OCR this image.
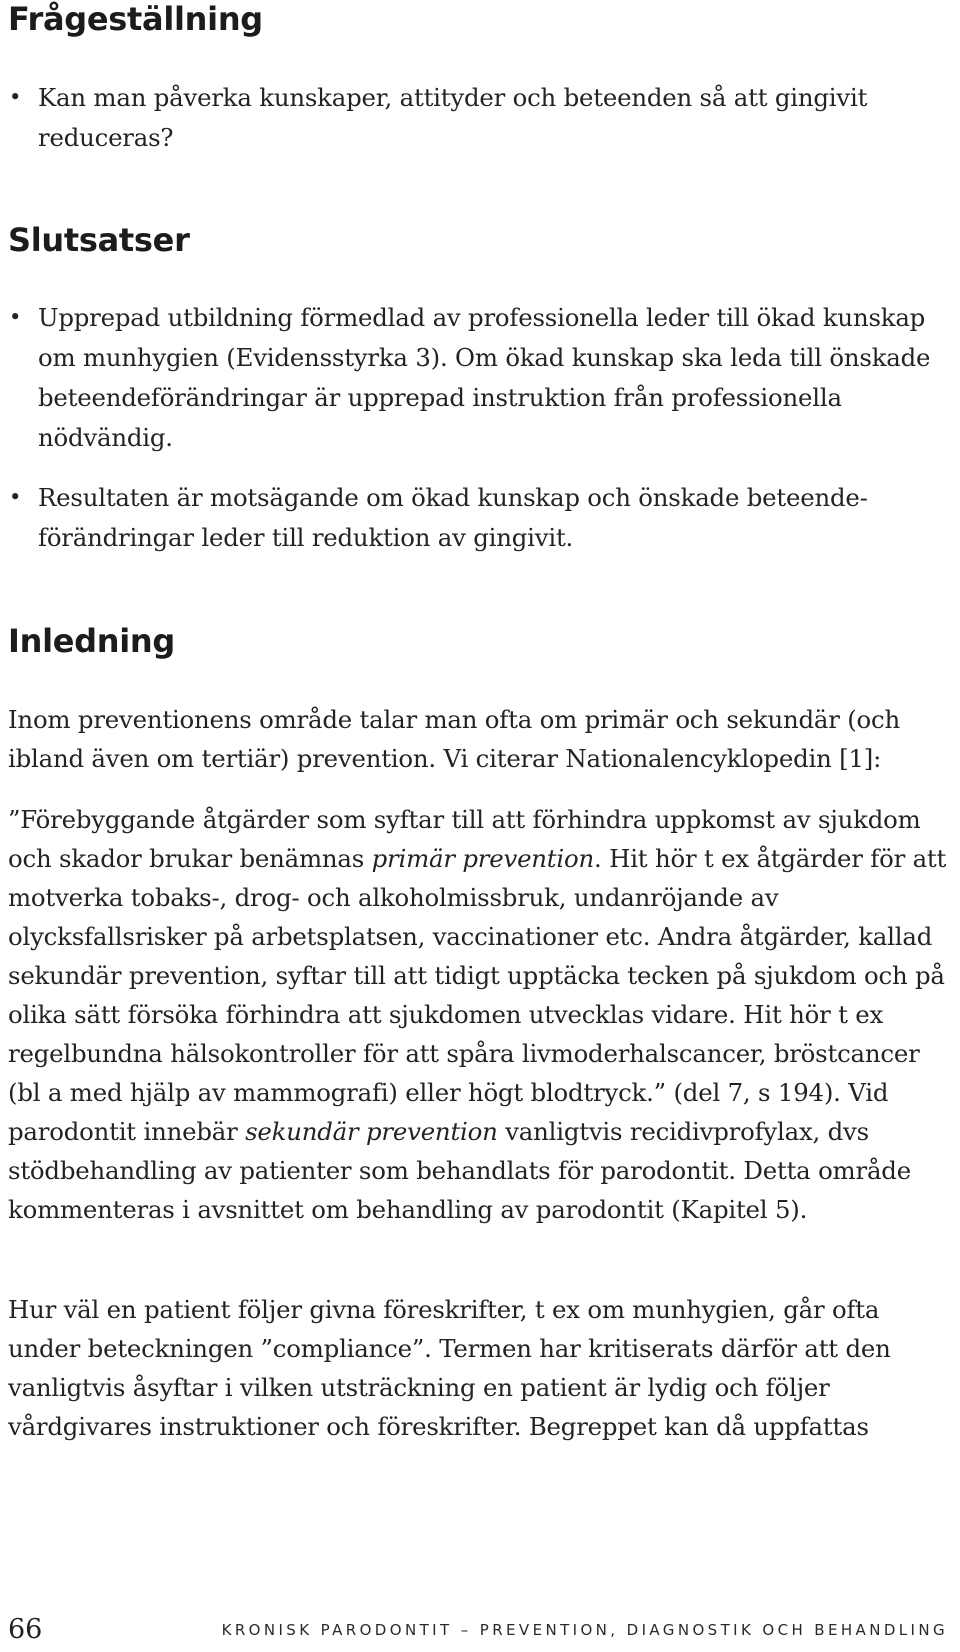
Frågeställning
• Kan man påverka kunskaper, attityder och beteenden så att gingivit reduceras?
Slutsatser
• Upprepad utbildning förmedlad av professionella leder till ökad kunskap om munhygien (Evidensstyrka 3). Om ökad kunskap ska leda till önskade beteendeförändringar är upprepad instruktion från professionella nödvändig.
• Resultaten är motsägande om ökad kunskap och önskade beteende-förändringar leder till reduktion av gingivit.
Inledning

Inom preventionens område talar man ofta om primär och sekundär (och ibland även om tertiär) prevention. Vi citerar Nationalencyklopedin [1]:

”Förebyggande åtgärder som syftar till att förhindra uppkomst av sjukdom och skador brukar benämnas primär prevention. Hit hör t ex åtgärder för att motverka tobaks-, drog- och alkoholmissbruk, undanröjande av olycksfallsrisker på arbetsplatsen, vaccinationer etc. Andra åtgärder, kallad sekundär prevention, syftar till att tidigt upptäcka tecken på sjukdom och på olika sätt försöka förhindra att sjukdomen utvecklas vidare. Hit hör t ex regelbundna hälsokontroller för att spåra livmoderhalscancer, bröstcancer (bl a med hjälp av mammografi) eller högt blodtryck.” (del 7, s 194). Vid parodontit innebär sekundär prevention vanligtvis recidivprofylax, dvs stödbehandling av patienter som behandlats för parodontit. Detta område kommenteras i avsnittet om behandling av parodontit (Kapitel 5).

Hur väl en patient följer givna föreskrifter, t ex om munhygien, går ofta under beteckningen ”compliance”. Termen har kritiserats därför att den vanligtvis åsyftar i vilken utsträckning en patient är lydig och följer vårdgivares instruktioner och föreskrifter. Begreppet kan då uppfattas

66	KRONISK PARODONTIT – PREVENTION, DIAGNOSTIK OCH BEHANDLING
